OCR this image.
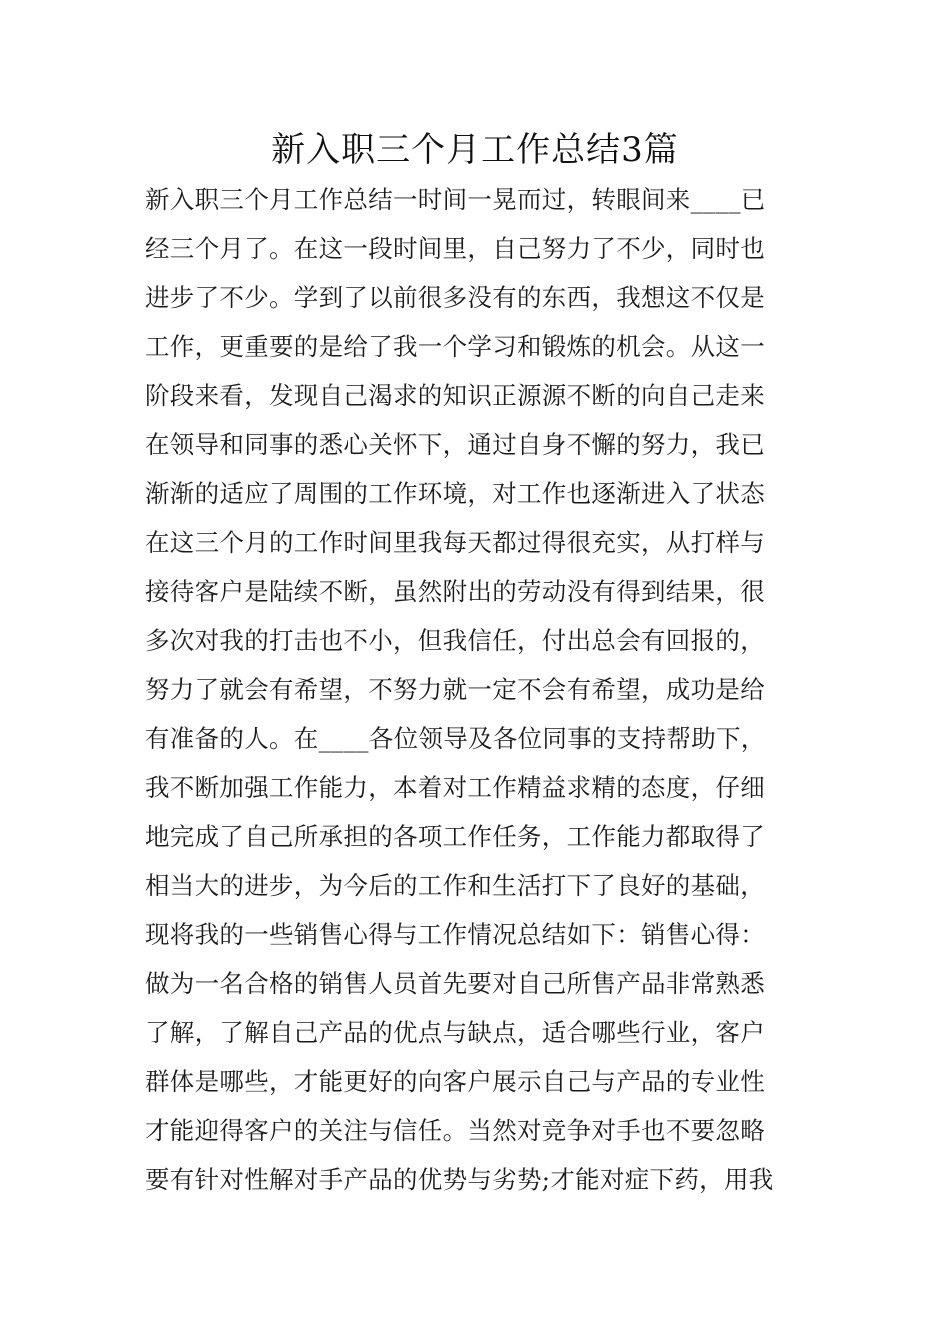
新入职三个月工作总结3篇
新入职三个月工作总结一时间一晃而过，转眼间来____已
经三个月了。在这一段时间里，自己努力了不少，同时也
进步了不少。学到了以前很多没有的东西，我想这不仅是
工作，更重要的是给了我一个学习和锻炼的机会。从这一
阶段来看，发现自己渴求的知识正源源不断的向自己走来
在领导和同事的悉心关怀下，通过自身不懈的努力，我已
渐渐的适应了周围的工作环境，对工作也逐渐进入了状态
在这三个月的工作时间里我每天都过得很充实，从打样与
接待客户是陆续不断，虽然附出的劳动没有得到结果，很
多次对我的打击也不小，但我信任，付出总会有回报的，
努力了就会有希望，不努力就一定不会有希望，成功是给
有准备的人。在____各位领导及各位同事的支持帮助下，
我不断加强工作能力，本着对工作精益求精的态度，仔细
地完成了自己所承担的各项工作任务，工作能力都取得了
相当大的进步，为今后的工作和生活打下了良好的基础，
现将我的一些销售心得与工作情况总结如下：销售心得：
做为一名合格的销售人员首先要对自己所售产品非常熟悉
了解，了解自己产品的优点与缺点，适合哪些行业，客户
群体是哪些，才能更好的向客户展示自己与产品的专业性
才能迎得客户的关注与信任。当然对竞争对手也不要忽略
要有针对性解对手产品的优势与劣势;才能对症下药，用我
